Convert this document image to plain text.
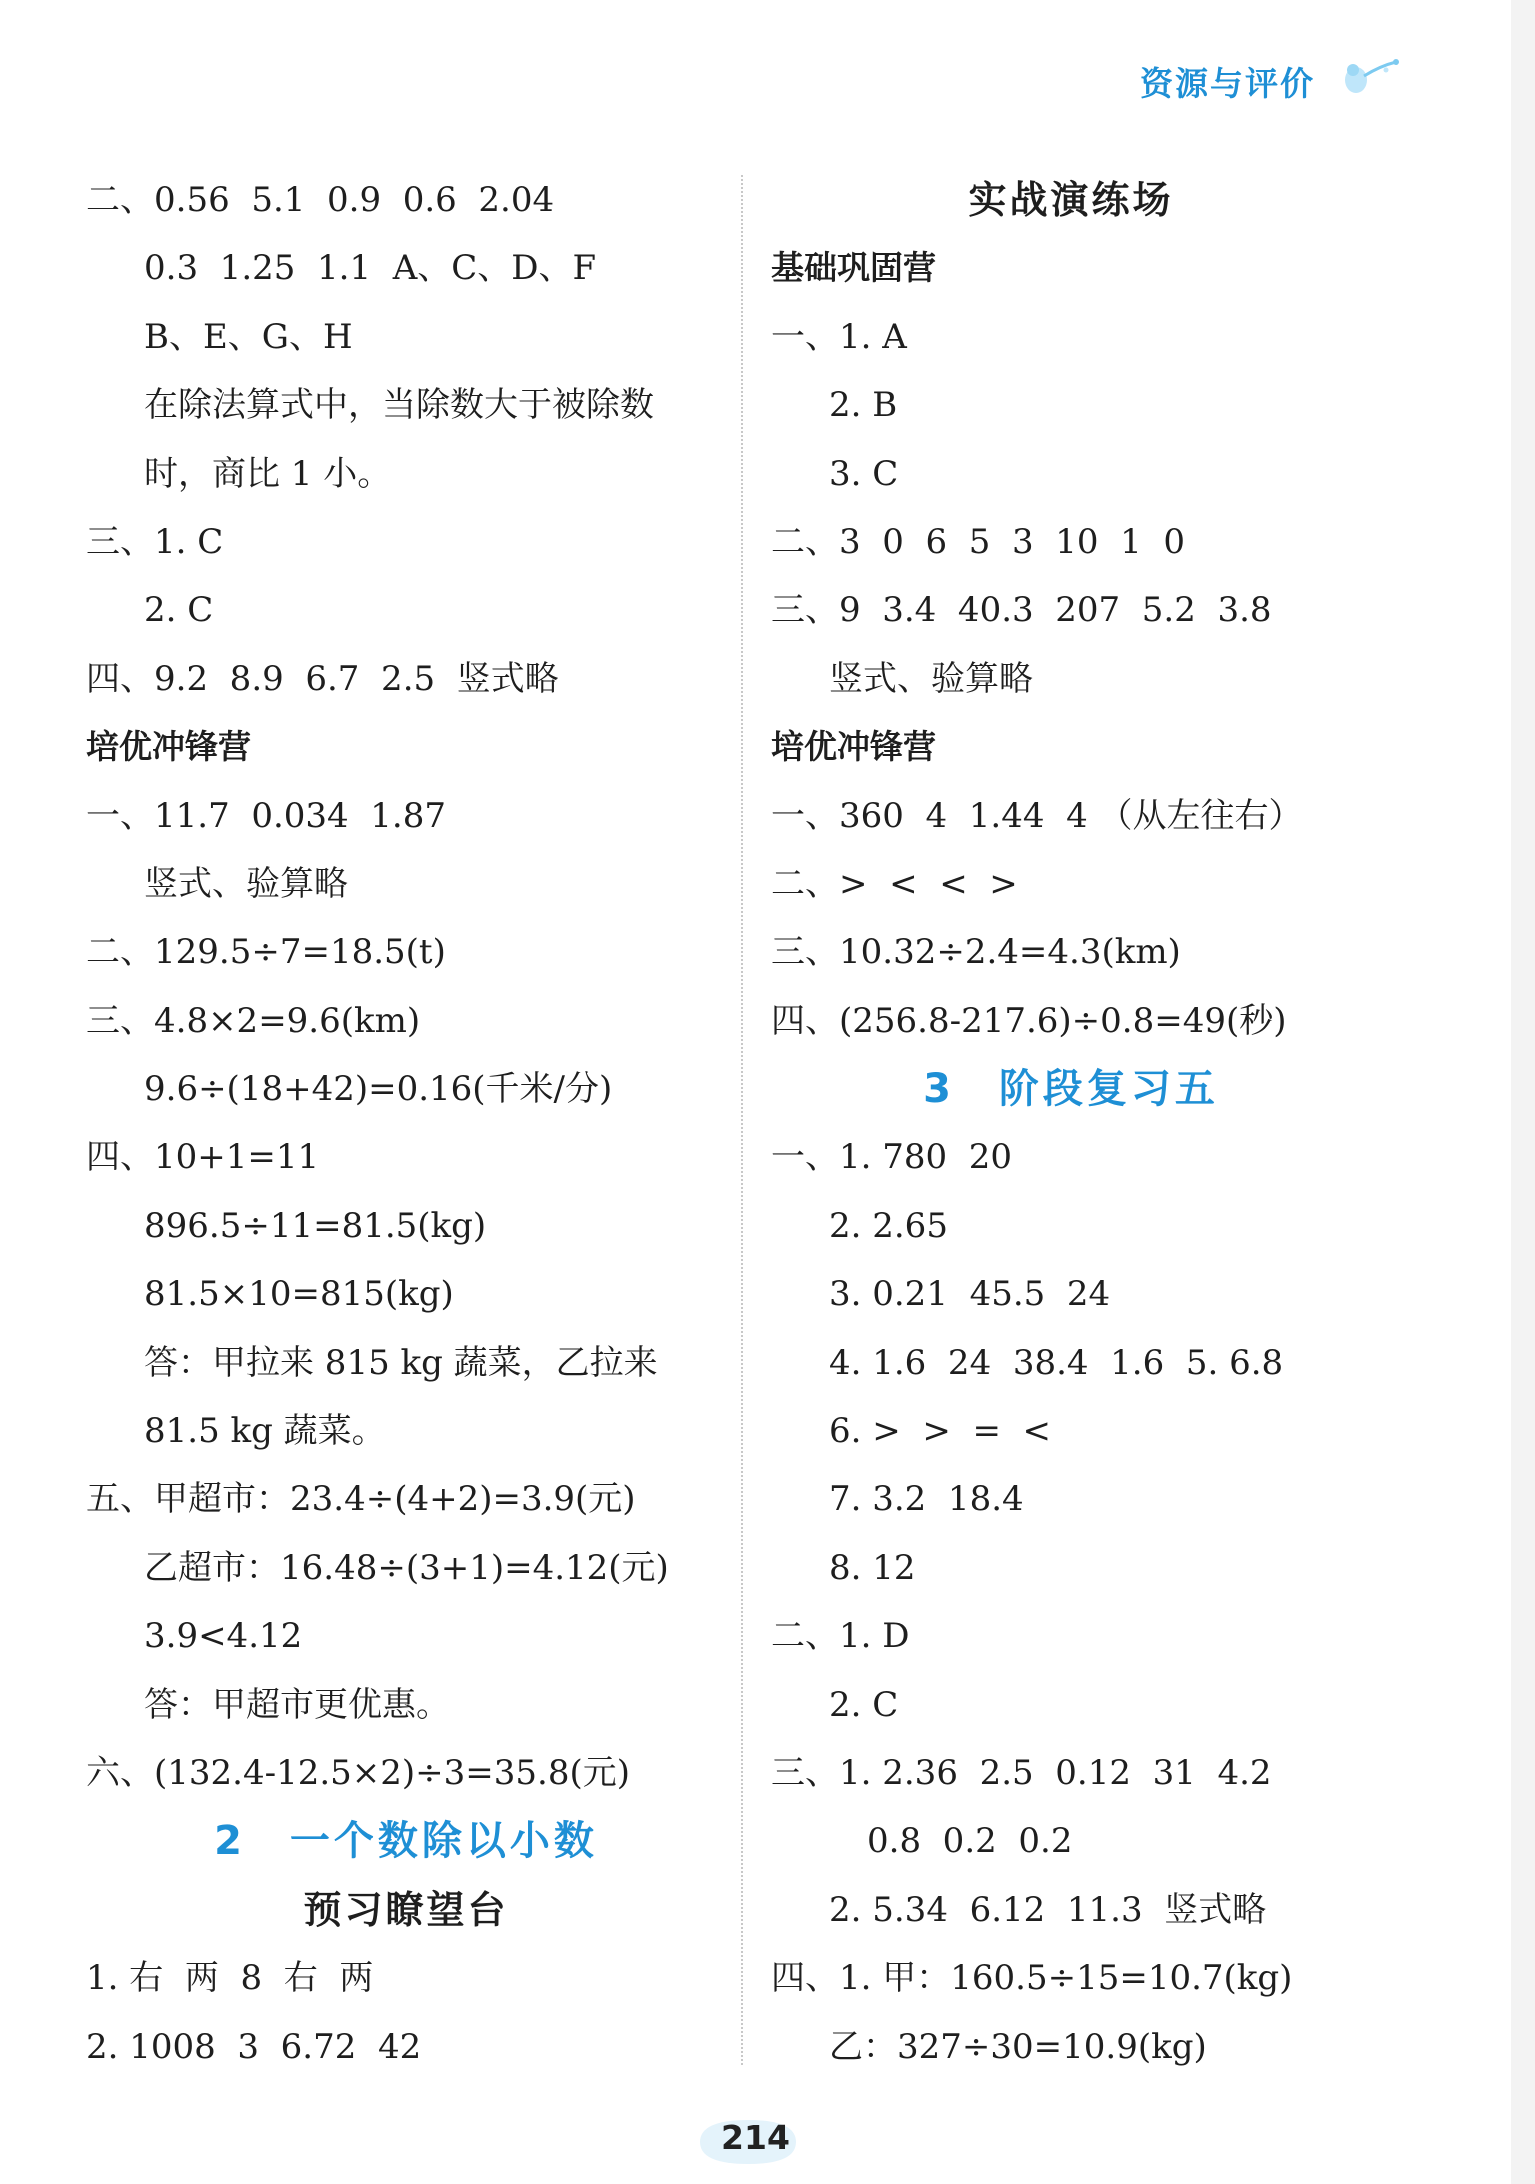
资源与评价
二、0.56  5.1  0.9  0.6  2.04
0.3  1.25  1.1  A、C、D、F
B、E、G、H
在除法算式中，当除数大于被除数
时，商比 1 小。
三、1. C
2. C
四、9.2  8.9  6.7  2.5  竖式略
培优冲锋营
一、11.7  0.034  1.87
竖式、验算略
二、129.5÷7=18.5(t)
三、4.8×2=9.6(km)
9.6÷(18+42)=0.16(千米/分)
四、10+1=11
896.5÷11=81.5(kg)
81.5×10=815(kg)
答：甲拉来 815 kg 蔬菜，乙拉来
81.5 kg 蔬菜。
五、甲超市：23.4÷(4+2)=3.9(元)
乙超市：16.48÷(3+1)=4.12(元)
3.9<4.12
答：甲超市更优惠。
六、(132.4-12.5×2)÷3=35.8(元)
2 一个数除以小数
预习瞭望台
1. 右  两  8  右  两
2. 1008  3  6.72  42
实战演练场
基础巩固营
一、1. A
2. B
3. C
二、3  0  6  5  3  10  1  0
三、9  3.4  40.3  207  5.2  3.8
竖式、验算略
培优冲锋营
一、360  4  1.44  4 （从左往右）
二、>  <  <  >
三、10.32÷2.4=4.3(km)
四、(256.8-217.6)÷0.8=49(秒)
3 阶段复习五
一、1. 780  20
2. 2.65
3. 0.21  45.5  24
4. 1.6  24  38.4  1.6  5. 6.8
6. >  >  =  <
7. 3.2  18.4
8. 12
二、1. D
2. C
三、1. 2.36  2.5  0.12  31  4.2
0.8  0.2  0.2
2. 5.34  6.12  11.3  竖式略
四、1. 甲：160.5÷15=10.7(kg)
乙：327÷30=10.9(kg)
214
